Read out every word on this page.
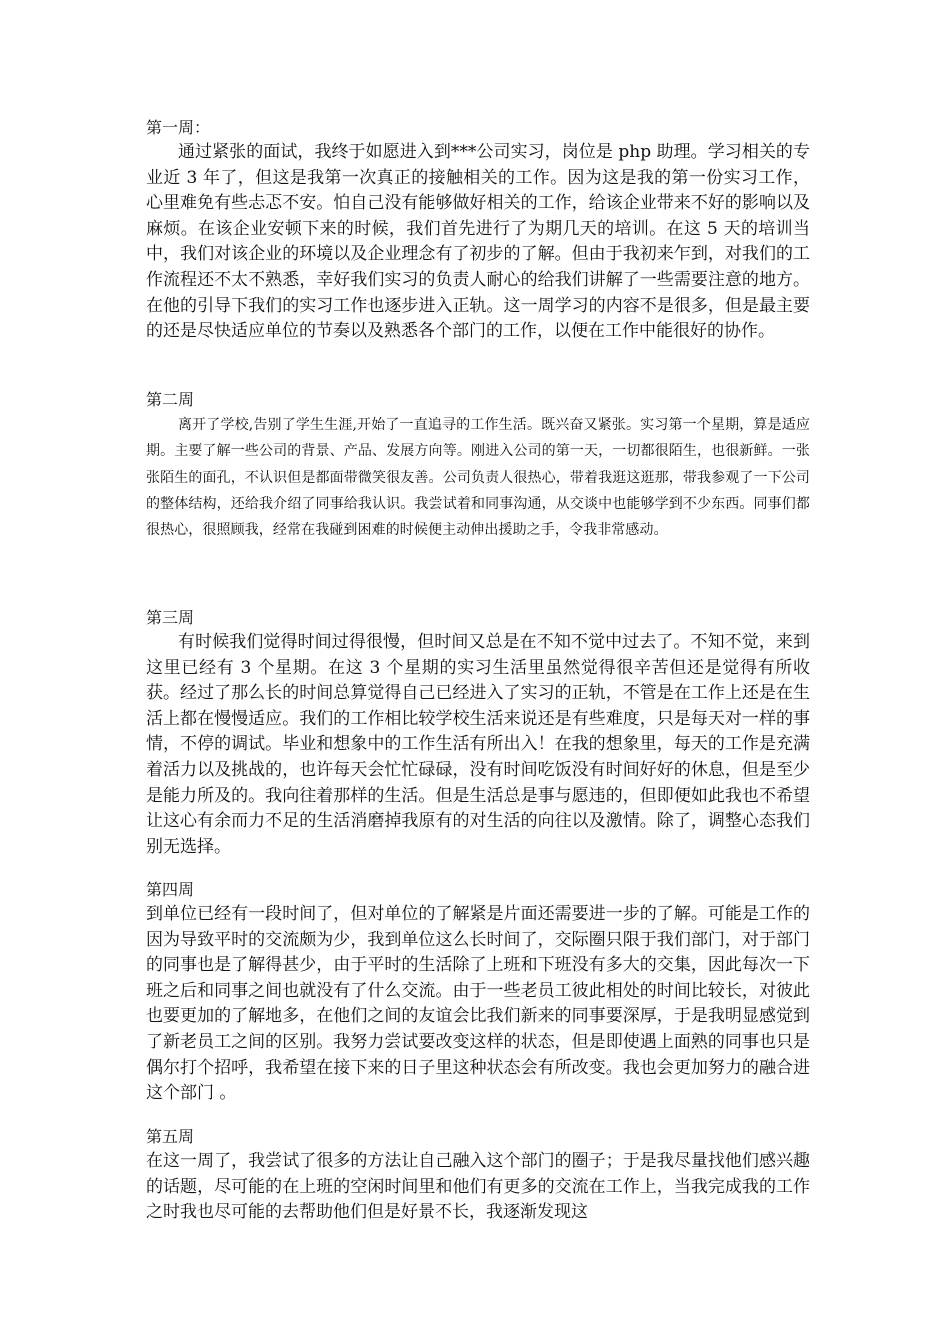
第一周：

通过紧张的面试，我终于如愿进入到***公司实习，岗位是 php 助理。学习相关的专业近 3 年了，但这是我第一次真正的接触相关的工作。因为这是我的第一份实习工作，心里难免有些忐忑不安。怕自己没有能够做好相关的工作，给该企业带来不好的影响以及麻烦。在该企业安顿下来的时候，我们首先进行了为期几天的培训。在这 5 天的培训当中，我们对该企业的环境以及企业理念有了初步的了解。但由于我初来乍到，对我们的工作流程还不太不熟悉，幸好我们实习的负责人耐心的给我们讲解了一些需要注意的地方。在他的引导下我们的实习工作也逐步进入正轨。这一周学习的内容不是很多，但是最主要的还是尽快适应单位的节奏以及熟悉各个部门的工作，以便在工作中能很好的协作。

第二周

离开了学校,告别了学生生涯,开始了一直追寻的工作生活。既兴奋又紧张。实习第一个星期，算是适应期。主要了解一些公司的背景、产品、发展方向等。刚进入公司的第一天，一切都很陌生，也很新鲜。一张张陌生的面孔，不认识但是都面带微笑很友善。公司负责人很热心，带着我逛这逛那，带我参观了一下公司的整体结构，还给我介绍了同事给我认识。我尝试着和同事沟通，从交谈中也能够学到不少东西。同事们都很热心，很照顾我，经常在我碰到困难的时候便主动伸出援助之手，令我非常感动。

第三周

有时候我们觉得时间过得很慢，但时间又总是在不知不觉中过去了。不知不觉，来到这里已经有 3 个星期。在这 3 个星期的实习生活里虽然觉得很辛苦但还是觉得有所收获。经过了那么长的时间总算觉得自己已经进入了实习的正轨，不管是在工作上还是在生活上都在慢慢适应。我们的工作相比较学校生活来说还是有些难度，只是每天对一样的事情，不停的调试。毕业和想象中的工作生活有所出入！在我的想象里，每天的工作是充满着活力以及挑战的，也许每天会忙忙碌碌，没有时间吃饭没有时间好好的休息，但是至少是能力所及的。我向往着那样的生活。但是生活总是事与愿违的，但即便如此我也不希望让这心有余而力不足的生活消磨掉我原有的对生活的向往以及激情。除了，调整心态我们别无选择。

第四周

到单位已经有一段时间了，但对单位的了解紧是片面还需要进一步的了解。可能是工作的因为导致平时的交流颇为少，我到单位这么长时间了，交际圈只限于我们部门，对于部门的同事也是了解得甚少，由于平时的生活除了上班和下班没有多大的交集，因此每次一下班之后和同事之间也就没有了什么交流。由于一些老员工彼此相处的时间比较长，对彼此也要更加的了解地多，在他们之间的友谊会比我们新来的同事要深厚，于是我明显感觉到了新老员工之间的区别。我努力尝试要改变这样的状态，但是即使遇上面熟的同事也只是偶尔打个招呼，我希望在接下来的日子里这种状态会有所改变。我也会更加努力的融合进这个部门 。

第五周

在这一周了，我尝试了很多的方法让自己融入这个部门的圈子；于是我尽量找他们感兴趣的话题，尽可能的在上班的空闲时间里和他们有更多的交流在工作上，当我完成我的工作之时我也尽可能的去帮助他们但是好景不长，我逐渐发现这
